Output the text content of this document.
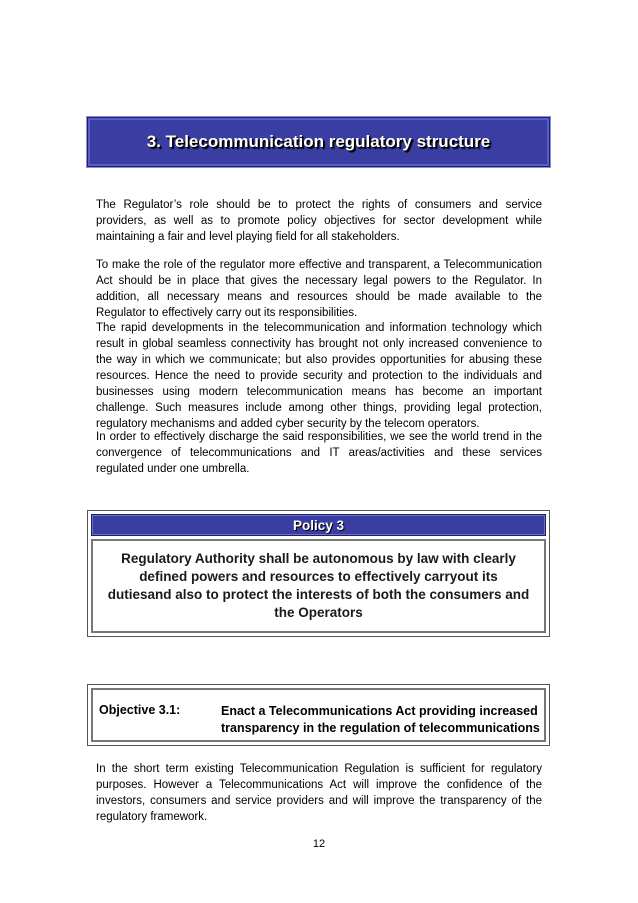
3. Telecommunication regulatory structure

The Regulator’s role should be to protect the rights of consumers and service providers, as well as to promote policy objectives for sector development while maintaining a fair and level playing field for all stakeholders.

To make the role of the regulator more effective and transparent, a Telecommunication Act should be in place that gives the necessary legal powers to the Regulator. In addition, all necessary means and resources should be made available to the Regulator to effectively carry out its responsibilities.

The rapid developments in the telecommunication and information technology which result in global seamless connectivity has brought not only increased convenience to the way in which we communicate; but also provides opportunities for abusing these resources. Hence the need to provide security and protection to the individuals and businesses using modern telecommunication means has become an important challenge. Such measures include among other things, providing legal protection, regulatory mechanisms and added cyber security by the telecom operators.

In order to effectively discharge the said responsibilities, we see the world trend in the convergence of telecommunications and IT areas/activities and these services regulated under one umbrella.

Policy 3

Regulatory Authority shall be autonomous by law with clearly defined powers and resources to effectively carryout its dutiesand also to protect the interests of both the consumers and the Operators

Objective 3.1:	Enact a Telecommunications Act providing increased transparency in the regulation of telecommunications

In the short term existing Telecommunication Regulation is sufficient for regulatory purposes. However a Telecommunications Act will improve the confidence of the investors, consumers and service providers and will improve the transparency of the regulatory framework.

12
